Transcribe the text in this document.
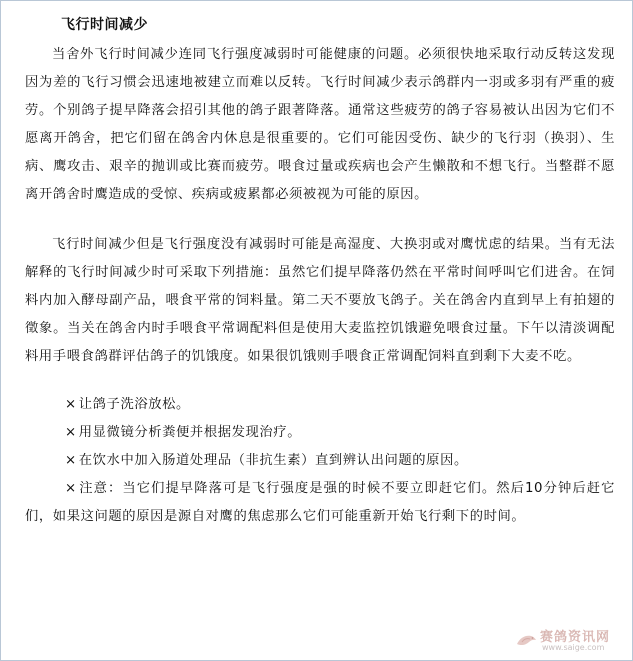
飞行时间减少

当舍外飞行时间减少连同飞行强度减弱时可能健康的问题。必须很快地采取行动反转这发现因为差的飞行习惯会迅速地被建立而难以反转。飞行时间减少表示鸽群内一羽或多羽有严重的疲劳。个别鸽子提早降落会招引其他的鸽子跟著降落。通常这些疲劳的鸽子容易被认出因为它们不愿离开鸽舍，把它们留在鸽舍内休息是很重要的。它们可能因受伤、缺少的飞行羽（换羽）、生病、鹰攻击、艰辛的抛训或比赛而疲劳。喂食过量或疾病也会产生懒散和不想飞行。当整群不愿离开鸽舍时鹰造成的受惊、疾病或疲累都必须被视为可能的原因。

飞行时间减少但是飞行强度没有减弱时可能是高湿度、大换羽或对鹰忧虑的结果。当有无法解释的飞行时间减少时可采取下列措施：虽然它们提早降落仍然在平常时间呼叫它们进舍。在饲料内加入酵母副产品，喂食平常的饲料量。第二天不要放飞鸽子。关在鸽舍内直到早上有拍翅的徵象。当关在鸽舍内时手喂食平常调配料但是使用大麦监控饥饿避免喂食过量。下午以清淡调配料用手喂食鸽群评估鸽子的饥饿度。如果很饥饿则手喂食正常调配饲料直到剩下大麦不吃。

× 让鸽子洗浴放松。
× 用显微镜分析粪便并根据发现治疗。
× 在饮水中加入肠道处理品（非抗生素）直到辨认出问题的原因。
× 注意：当它们提早降落可是飞行强度是强的时候不要立即赶它们。然后10分钟后赶它们，如果这问题的原因是源自对鹰的焦虑那么它们可能重新开始飞行剩下的时间。
赛鸽资讯网
www.saige.com
